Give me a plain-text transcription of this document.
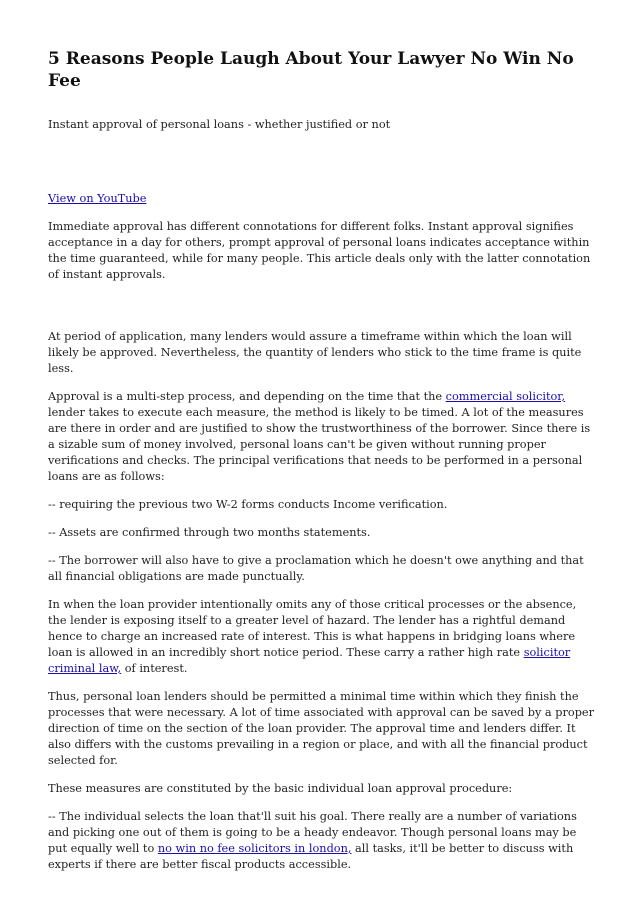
5 Reasons People Laugh About Your Lawyer No Win No Fee

Instant approval of personal loans - whether justified or not

View on YouTube

Immediate approval has different connotations for different folks. Instant approval signifies acceptance in a day for others, prompt approval of personal loans indicates acceptance within the time guaranteed, while for many people. This article deals only with the latter connotation of instant approvals.

At period of application, many lenders would assure a timeframe within which the loan will likely be approved. Nevertheless, the quantity of lenders who stick to the time frame is quite less.

Approval is a multi-step process, and depending on the time that the commercial solicitor, lender takes to execute each measure, the method is likely to be timed. A lot of the measures are there in order and are justified to show the trustworthiness of the borrower. Since there is a sizable sum of money involved, personal loans can't be given without running proper verifications and checks. The principal verifications that needs to be performed in a personal loans are as follows:

-- requiring the previous two W-2 forms conducts Income verification.

-- Assets are confirmed through two months statements.

-- The borrower will also have to give a proclamation which he doesn't owe anything and that all financial obligations are made punctually.

In when the loan provider intentionally omits any of those critical processes or the absence, the lender is exposing itself to a greater level of hazard. The lender has a rightful demand hence to charge an increased rate of interest. This is what happens in bridging loans where loan is allowed in an incredibly short notice period. These carry a rather high rate solicitor criminal law, of interest.

Thus, personal loan lenders should be permitted a minimal time within which they finish the processes that were necessary. A lot of time associated with approval can be saved by a proper direction of time on the section of the loan provider. The approval time and lenders differ. It also differs with the customs prevailing in a region or place, and with all the financial product selected for.

These measures are constituted by the basic individual loan approval procedure:

-- The individual selects the loan that'll suit his goal. There really are a number of variations and picking one out of them is going to be a heady endeavor. Though personal loans may be put equally well to no win no fee solicitors in london, all tasks, it'll be better to discuss with experts if there are better fiscal products accessible.
